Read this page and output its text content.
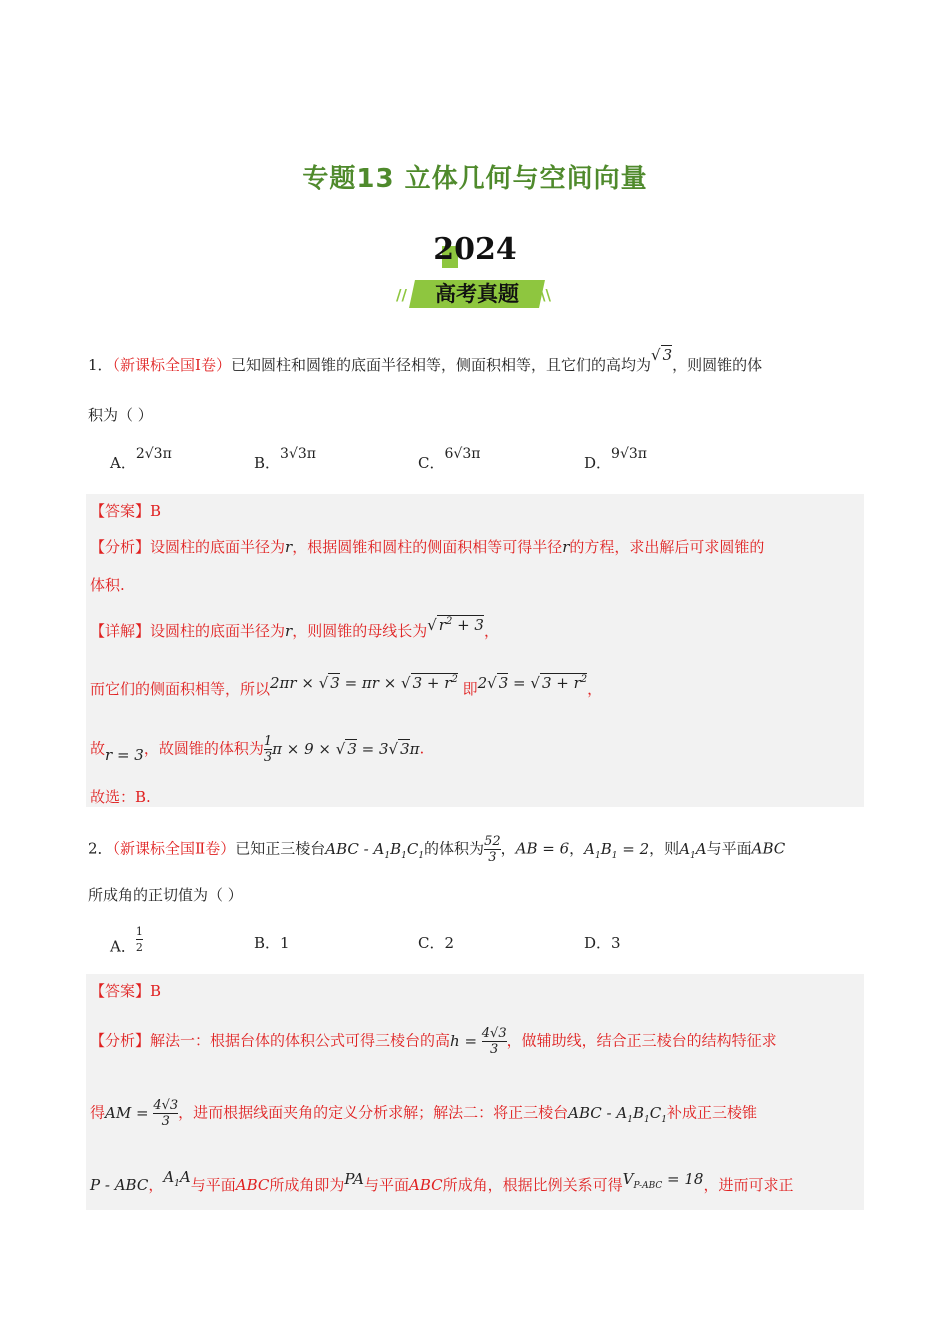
专题13 立体几何与空间向量
2024
高考真题
//	\\
1．（新课标全国Ⅰ卷）已知圆柱和圆锥的底面半径相等，侧面积相等，且它们的高均为√ 3，则圆锥的体
积为（ ）
A．2√3π	B．3√3π	C．6√3π	D．9√3π
【答案】B
【分析】设圆柱的底面半径为r，根据圆锥和圆柱的侧面积相等可得半径r的方程，求出解后可求圆锥的
体积.
【详解】设圆柱的底面半径为r，则圆锥的母线长为√ $r^2 + 3$，
而它们的侧面积相等，所以2πr × √ 3 = πr × √ $3 + r^2$ 即2√ 3 = √ $3 + r^2$，
故r = 3，故圆锥的体积为$\frac{1}{3}$ π × 9 × √ 3 = 3√ 3π.
故选：B.
2．（新课标全国Ⅱ卷）已知正三棱台ABC - $A_1B_1C_1$的体积为$\frac{52}{3}$ ，AB = 6，$A_1B_1 = 2$，则$A_1A$与平面ABC
所成角的正切值为（ ）
A．$\frac{1}{2}$	B．1	C．2	D．3
【答案】B
【分析】解法一：根据台体的体积公式可得三棱台的高$h = \frac{4√3}{3}$ ，做辅助线，结合正三棱台的结构特征求
得AM = $\frac{4√3}{3}$ ，进而根据线面夹角的定义分析求解；解法二：将正三棱台ABC - $A_1B_1C_1$补成正三棱锥
P - ABC，$A_1A$与平面ABC所成角即为PA与平面ABC所成角，根据比例关系可得$V_{P-ABC} = 18$，进而可求正
